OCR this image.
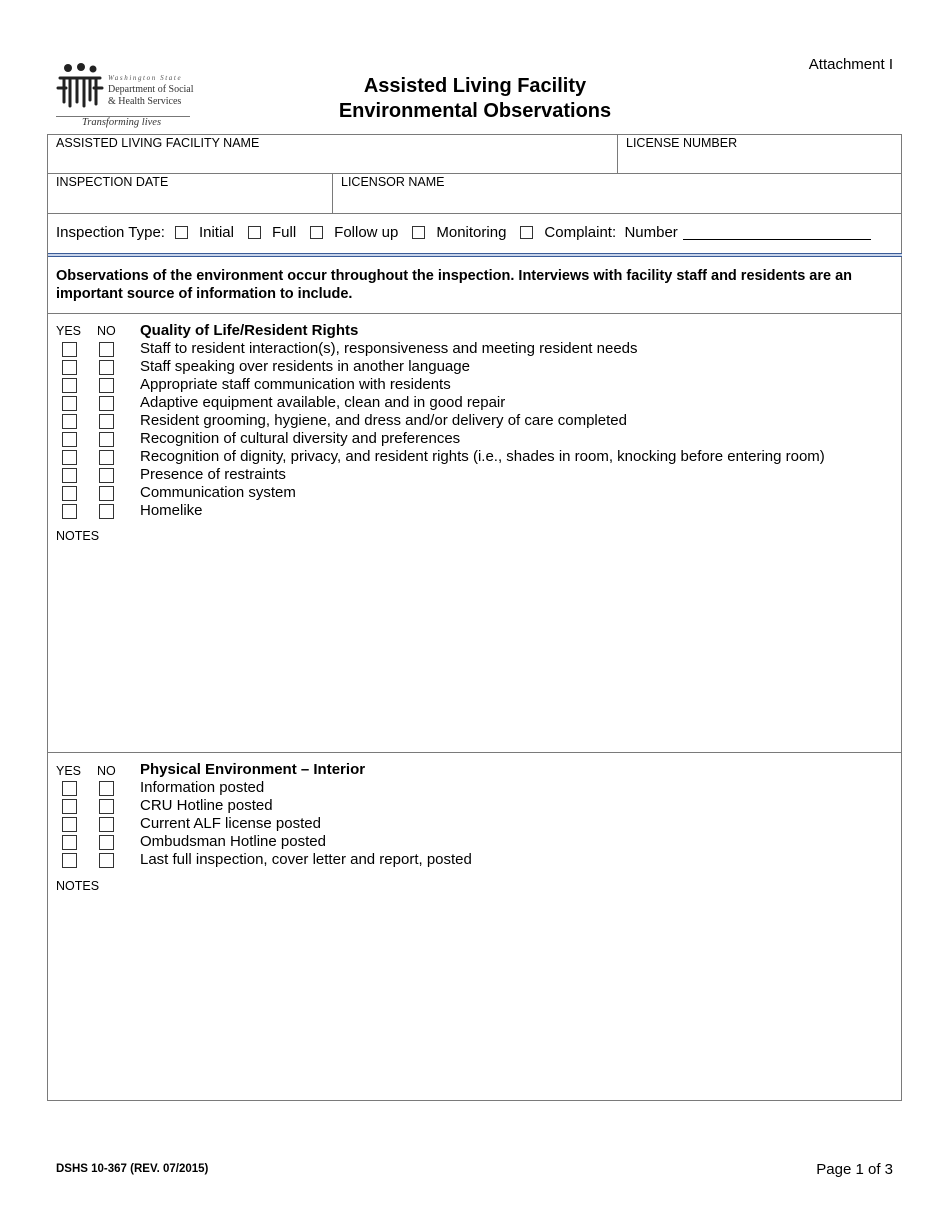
Attachment I
Washington State
Department of Social
& Health Services
Transforming lives
Assisted Living Facility
Environmental Observations
ASSISTED LIVING FACILITY NAME	LICENSE NUMBER
INSPECTION DATE	LICENSOR NAME
Inspection Type: Initial	Full	Follow up	Monitoring	Complaint:  Number
Observations of the environment occur throughout the inspection. Interviews with facility staff and residents are an important source of information to include.
YES NO Quality of Life/Resident Rights
Staff to resident interaction(s), responsiveness and meeting resident needs
Staff speaking over residents in another language
Appropriate staff communication with residents
Adaptive equipment available, clean and in good repair
Resident grooming, hygiene, and dress and/or delivery of care completed
Recognition of cultural diversity and preferences
Recognition of dignity, privacy, and resident rights (i.e., shades in room, knocking before entering room)
Presence of restraints
Communication system
Homelike
NOTES
YES NO Physical Environment – Interior
Information posted
CRU Hotline posted
Current ALF license posted
Ombudsman Hotline posted
Last full inspection, cover letter and report, posted
NOTES
DSHS 10-367 (REV. 07/2015)	Page 1 of 3
